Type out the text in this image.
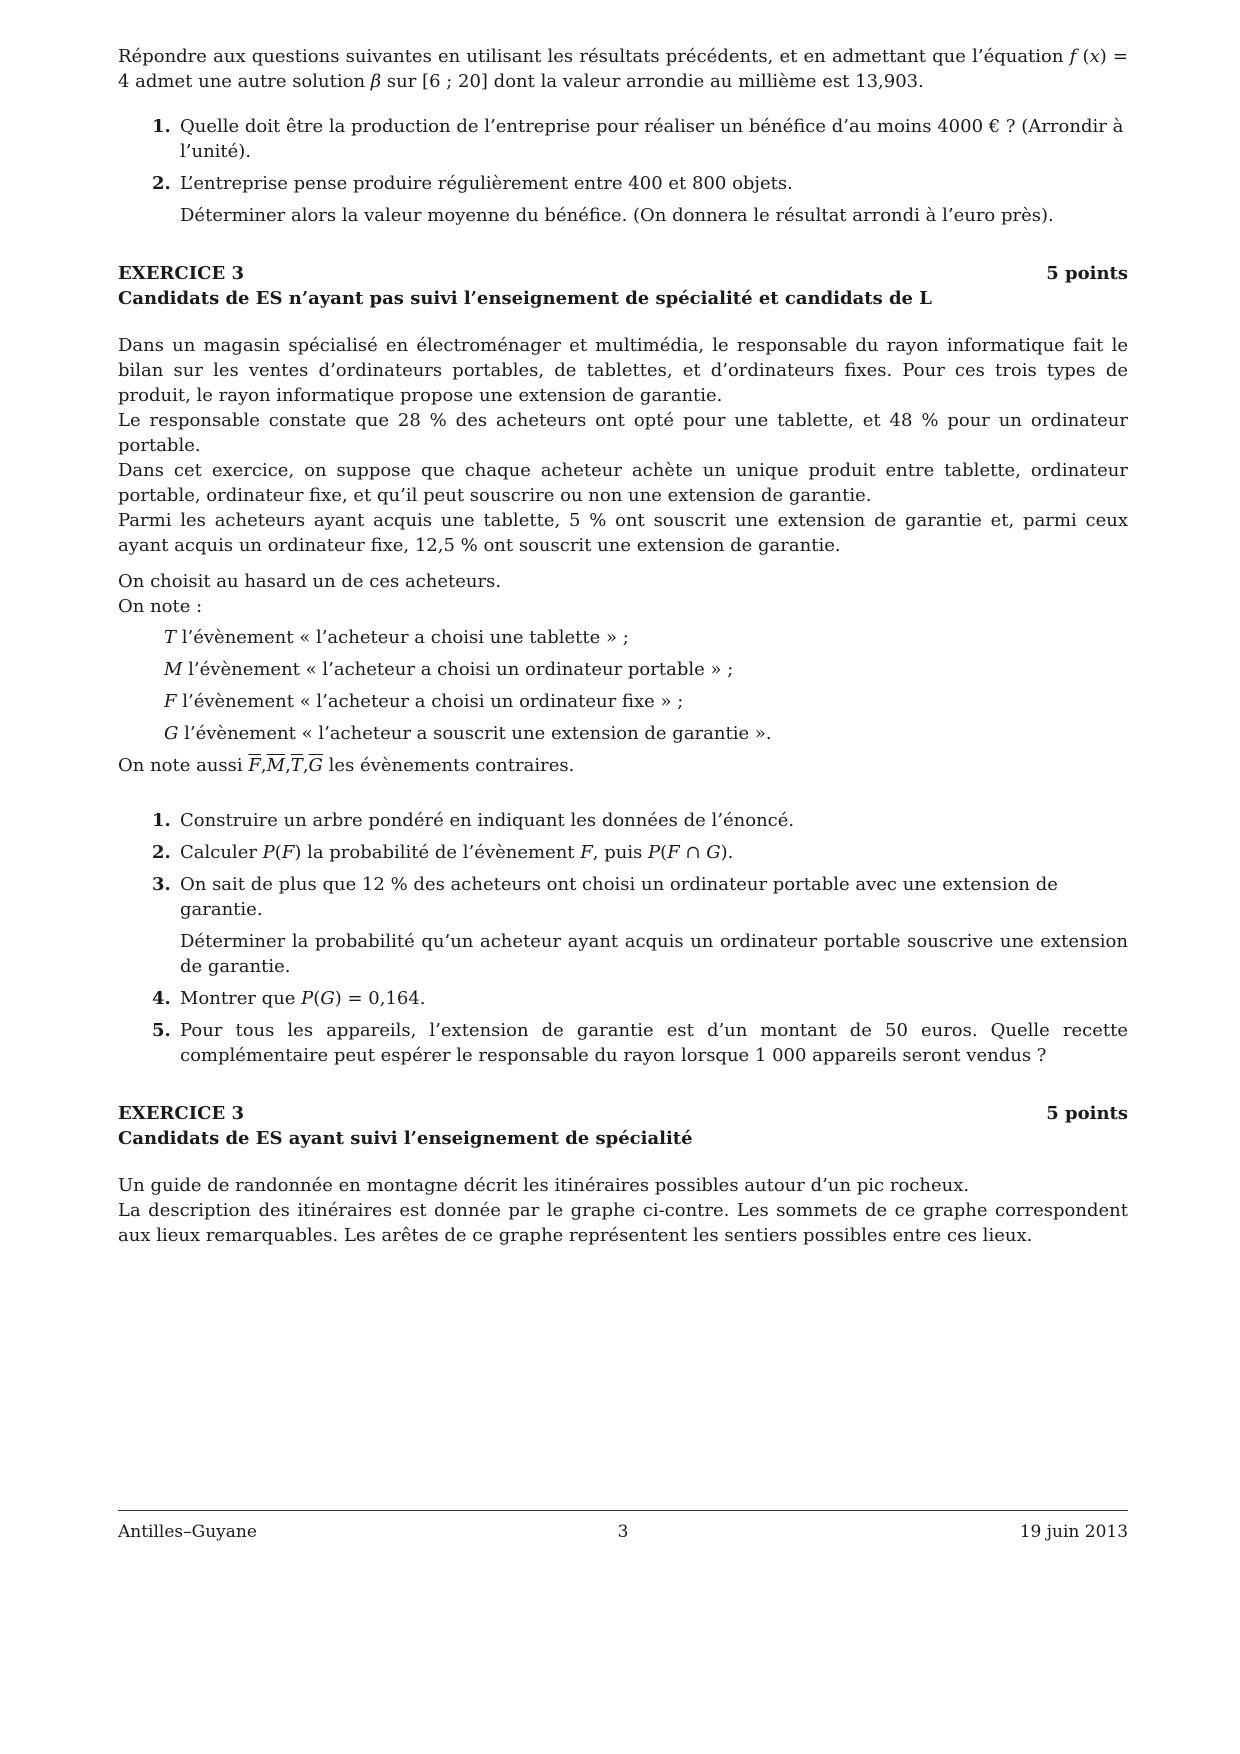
Répondre aux questions suivantes en utilisant les résultats précédents, et en admettant que l’équation f (x) = 4 admet une autre solution β sur [6 ; 20] dont la valeur arrondie au millième est 13,903.

1. Quelle doit être la production de l’entreprise pour réaliser un bénéfice d’au moins 4000 € ? (Arrondir à l’unité).
2. L’entreprise pense produire régulièrement entre 400 et 800 objets.
Déterminer alors la valeur moyenne du bénéfice. (On donnera le résultat arrondi à l’euro près).
EXERCICE 3	5 points
Candidats de ES n’ayant pas suivi l’enseignement de spécialité et candidats de L

Dans un magasin spécialisé en électroménager et multimédia, le responsable du rayon informatique fait le bilan sur les ventes d’ordinateurs portables, de tablettes, et d’ordinateurs fixes. Pour ces trois types de produit, le rayon informatique propose une extension de garantie.

Le responsable constate que 28 % des acheteurs ont opté pour une tablette, et 48 % pour un ordinateur portable.

Dans cet exercice, on suppose que chaque acheteur achète un unique produit entre tablette, ordinateur portable, ordinateur fixe, et qu’il peut souscrire ou non une extension de garantie.

Parmi les acheteurs ayant acquis une tablette, 5 % ont souscrit une extension de garantie et, parmi ceux ayant acquis un ordinateur fixe, 12,5 % ont souscrit une extension de garantie.

On choisit au hasard un de ces acheteurs.

On note :

T l’évènement « l’acheteur a choisi une tablette » ;
M l’évènement « l’acheteur a choisi un ordinateur portable » ;
F l’évènement « l’acheteur a choisi un ordinateur fixe » ;
G l’évènement « l’acheteur a souscrit une extension de garantie ».

On note aussi $\overline{F},\overline{M},\overline{T},\overline{G}$ les évènements contraires.

1. Construire un arbre pondéré en indiquant les données de l’énoncé.
2. Calculer P(F) la probabilité de l’évènement F, puis P(F ∩ G).
3. On sait de plus que 12 % des acheteurs ont choisi un ordinateur portable avec une extension de garantie.
Déterminer la probabilité qu’un acheteur ayant acquis un ordinateur portable souscrive une extension de garantie.
4. Montrer que P(G) = 0,164.
5. Pour tous les appareils, l’extension de garantie est d’un montant de 50 euros. Quelle recette complémentaire peut espérer le responsable du rayon lorsque 1 000 appareils seront vendus ?
EXERCICE 3	5 points
Candidats de ES ayant suivi l’enseignement de spécialité

Un guide de randonnée en montagne décrit les itinéraires possibles autour d’un pic rocheux.

La description des itinéraires est donnée par le graphe ci-contre. Les sommets de ce graphe correspondent aux lieux remarquables. Les arêtes de ce graphe représentent les sentiers possibles entre ces lieux.

Antilles–Guyane	3	19 juin 2013
